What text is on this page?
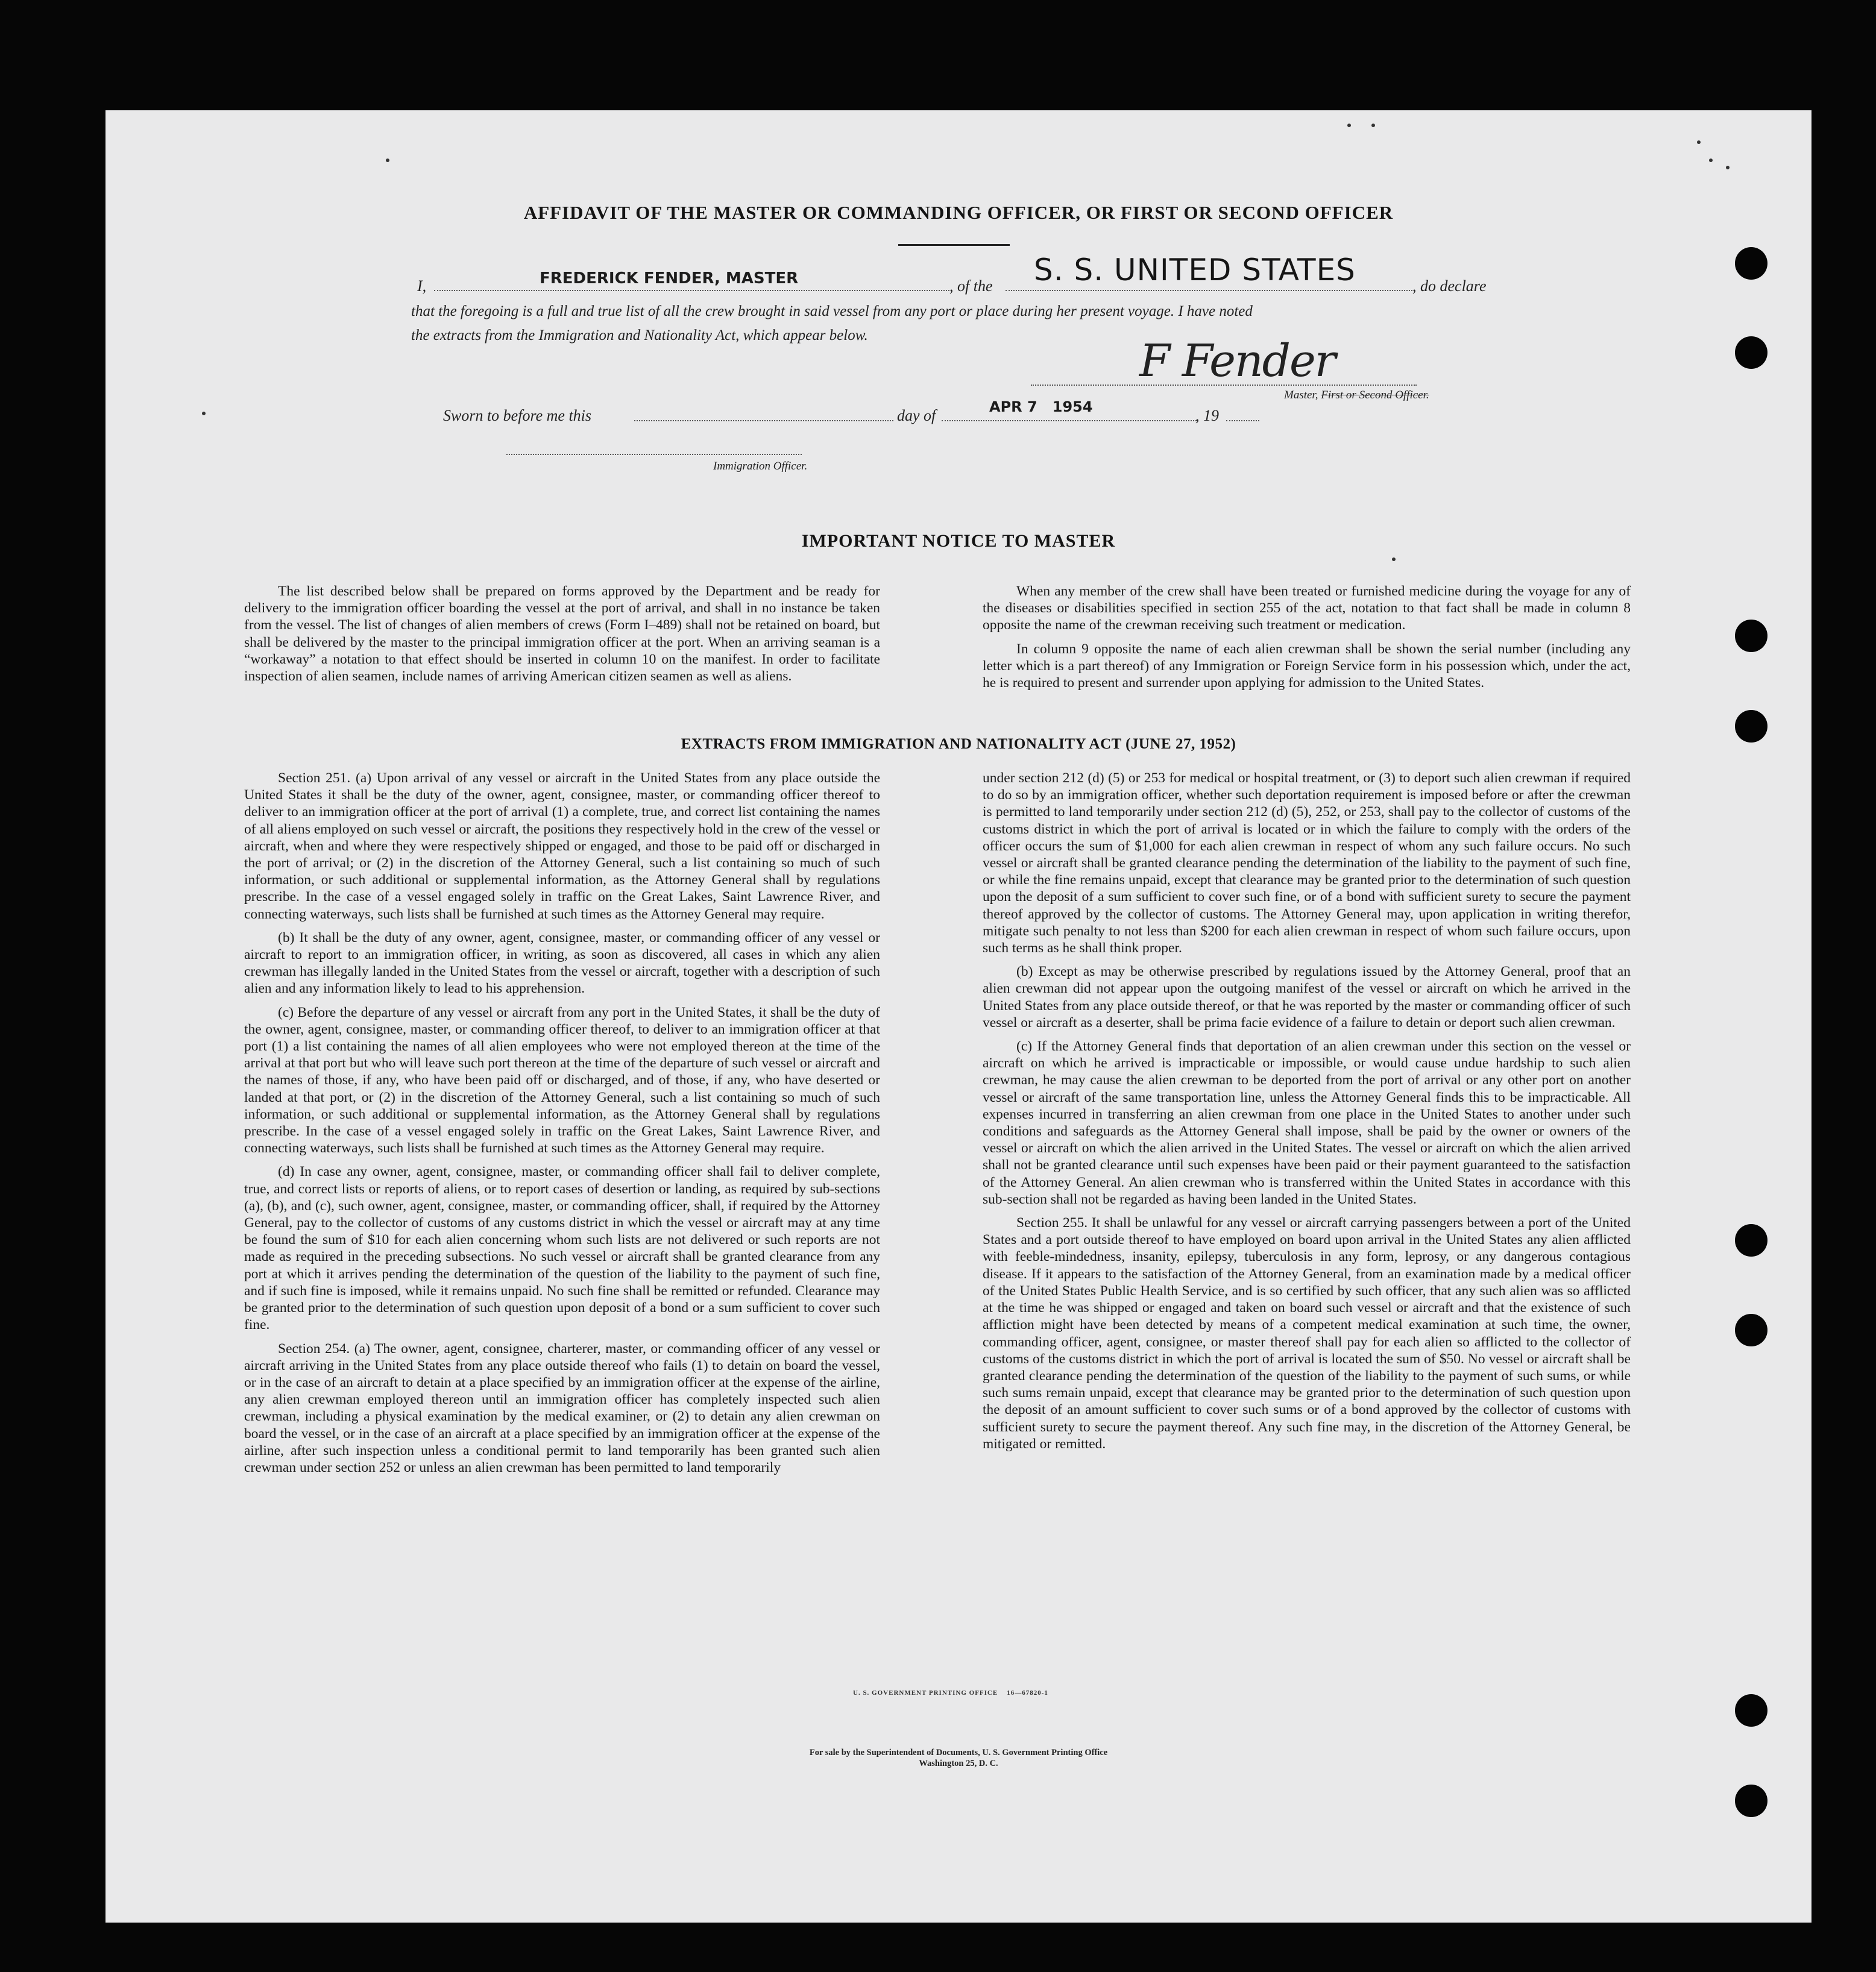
AFFIDAVIT OF THE MASTER OR COMMANDING OFFICER, OR FIRST OR SECOND OFFICER
I,	FREDERICK FENDER, MASTER	, of the S. S. UNITED STATES	, do declare
that the foregoing is a full and true list of all the crew brought in said vessel from any port or place during her present voyage. I have noted
the extracts from the Immigration and Nationality Act, which appear below.	F Fender
Master, First or Second Officer.
Sworn to before me this	day of	APR 7   1954	, 19
Immigration Officer.
IMPORTANT NOTICE TO MASTER

The list described below shall be prepared on forms approved by the Department and be ready for delivery to the immigration officer boarding the vessel at the port of arrival, and shall in no instance be taken from the vessel. The list of changes of alien members of crews (Form I–489) shall not be retained on board, but shall be delivered by the master to the principal immigration officer at the port. When an arriving seaman is a “workaway” a notation to that effect should be inserted in column 10 on the manifest. In order to facilitate inspection of alien seamen, include names of arriving American citizen seamen as well as aliens.

When any member of the crew shall have been treated or furnished medicine during the voyage for any of the diseases or disabilities specified in section 255 of the act, notation to that fact shall be made in column 8 opposite the name of the crewman receiving such treatment or medication.

In column 9 opposite the name of each alien crewman shall be shown the serial number (including any letter which is a part thereof) of any Immigration or Foreign Service form in his possession which, under the act, he is required to present and surrender upon applying for admission to the United States.

EXTRACTS FROM IMMIGRATION AND NATIONALITY ACT (JUNE 27, 1952)

Section 251. (a) Upon arrival of any vessel or aircraft in the United States from any place outside the United States it shall be the duty of the owner, agent, consignee, master, or commanding officer thereof to deliver to an immigration officer at the port of arrival (1) a complete, true, and correct list containing the names of all aliens employed on such vessel or aircraft, the positions they respectively hold in the crew of the vessel or aircraft, when and where they were respectively shipped or engaged, and those to be paid off or discharged in the port of arrival; or (2) in the discretion of the Attorney General, such a list containing so much of such information, or such additional or supplemental information, as the Attorney General shall by regulations prescribe. In the case of a vessel engaged solely in traffic on the Great Lakes, Saint Lawrence River, and connecting waterways, such lists shall be furnished at such times as the Attorney General may require.

(b) It shall be the duty of any owner, agent, consignee, master, or commanding officer of any vessel or aircraft to report to an immigration officer, in writing, as soon as discovered, all cases in which any alien crewman has illegally landed in the United States from the vessel or aircraft, together with a description of such alien and any information likely to lead to his apprehension.

(c) Before the departure of any vessel or aircraft from any port in the United States, it shall be the duty of the owner, agent, consignee, master, or commanding officer thereof, to deliver to an immigration officer at that port (1) a list containing the names of all alien employees who were not employed thereon at the time of the arrival at that port but who will leave such port thereon at the time of the departure of such vessel or aircraft and the names of those, if any, who have been paid off or discharged, and of those, if any, who have deserted or landed at that port, or (2) in the discretion of the Attorney General, such a list containing so much of such information, or such additional or supplemental information, as the Attorney General shall by regulations prescribe. In the case of a vessel engaged solely in traffic on the Great Lakes, Saint Lawrence River, and connecting waterways, such lists shall be furnished at such times as the Attorney General may require.

(d) In case any owner, agent, consignee, master, or commanding officer shall fail to deliver complete, true, and correct lists or reports of aliens, or to report cases of desertion or landing, as required by sub-sections (a), (b), and (c), such owner, agent, consignee, master, or commanding officer, shall, if required by the Attorney General, pay to the collector of customs of any customs district in which the vessel or aircraft may at any time be found the sum of $10 for each alien concerning whom such lists are not delivered or such reports are not made as required in the preceding subsections. No such vessel or aircraft shall be granted clearance from any port at which it arrives pending the determination of the question of the liability to the payment of such fine, and if such fine is imposed, while it remains unpaid. No such fine shall be remitted or refunded. Clearance may be granted prior to the determination of such question upon deposit of a bond or a sum sufficient to cover such fine.

Section 254. (a) The owner, agent, consignee, charterer, master, or commanding officer of any vessel or aircraft arriving in the United States from any place outside thereof who fails (1) to detain on board the vessel, or in the case of an aircraft to detain at a place specified by an immigration officer at the expense of the airline, any alien crewman employed thereon until an immigration officer has completely inspected such alien crewman, including a physical examination by the medical examiner, or (2) to detain any alien crewman on board the vessel, or in the case of an aircraft at a place specified by an immigration officer at the expense of the airline, after such inspection unless a conditional permit to land temporarily has been granted such alien crewman under section 252 or unless an alien crewman has been permitted to land temporarily

under section 212 (d) (5) or 253 for medical or hospital treatment, or (3) to deport such alien crewman if required to do so by an immigration officer, whether such deportation requirement is imposed before or after the crewman is permitted to land temporarily under section 212 (d) (5), 252, or 253, shall pay to the collector of customs of the customs district in which the port of arrival is located or in which the failure to comply with the orders of the officer occurs the sum of $1,000 for each alien crewman in respect of whom any such failure occurs. No such vessel or aircraft shall be granted clearance pending the determination of the liability to the payment of such fine, or while the fine remains unpaid, except that clearance may be granted prior to the determination of such question upon the deposit of a sum sufficient to cover such fine, or of a bond with sufficient surety to secure the payment thereof approved by the collector of customs. The Attorney General may, upon application in writing therefor, mitigate such penalty to not less than $200 for each alien crewman in respect of whom such failure occurs, upon such terms as he shall think proper.

(b) Except as may be otherwise prescribed by regulations issued by the Attorney General, proof that an alien crewman did not appear upon the outgoing manifest of the vessel or aircraft on which he arrived in the United States from any place outside thereof, or that he was reported by the master or commanding officer of such vessel or aircraft as a deserter, shall be prima facie evidence of a failure to detain or deport such alien crewman.

(c) If the Attorney General finds that deportation of an alien crewman under this section on the vessel or aircraft on which he arrived is impracticable or impossible, or would cause undue hardship to such alien crewman, he may cause the alien crewman to be deported from the port of arrival or any other port on another vessel or aircraft of the same transportation line, unless the Attorney General finds this to be impracticable. All expenses incurred in transferring an alien crewman from one place in the United States to another under such conditions and safeguards as the Attorney General shall impose, shall be paid by the owner or owners of the vessel or aircraft on which the alien arrived in the United States. The vessel or aircraft on which the alien arrived shall not be granted clearance until such expenses have been paid or their payment guaranteed to the satisfaction of the Attorney General. An alien crewman who is transferred within the United States in accordance with this sub-section shall not be regarded as having been landed in the United States.

Section 255. It shall be unlawful for any vessel or aircraft carrying passengers between a port of the United States and a port outside thereof to have employed on board upon arrival in the United States any alien afflicted with feeble-mindedness, insanity, epilepsy, tuberculosis in any form, leprosy, or any dangerous contagious disease. If it appears to the satisfaction of the Attorney General, from an examination made by a medical officer of the United States Public Health Service, and is so certified by such officer, that any such alien was so afflicted at the time he was shipped or engaged and taken on board such vessel or aircraft and that the existence of such affliction might have been detected by means of a competent medical examination at such time, the owner, commanding officer, agent, consignee, or master thereof shall pay for each alien so afflicted to the collector of customs of the customs district in which the port of arrival is located the sum of $50. No vessel or aircraft shall be granted clearance pending the determination of the question of the liability to the payment of such sums, or while such sums remain unpaid, except that clearance may be granted prior to the determination of such question upon the deposit of an amount sufficient to cover such sums or of a bond approved by the collector of customs with sufficient surety to secure the payment thereof. Any such fine may, in the discretion of the Attorney General, be mitigated or remitted.

U. S. GOVERNMENT PRINTING OFFICE    16—67820-1
For sale by the Superintendent of Documents, U. S. Government Printing Office
Washington 25, D. C.
